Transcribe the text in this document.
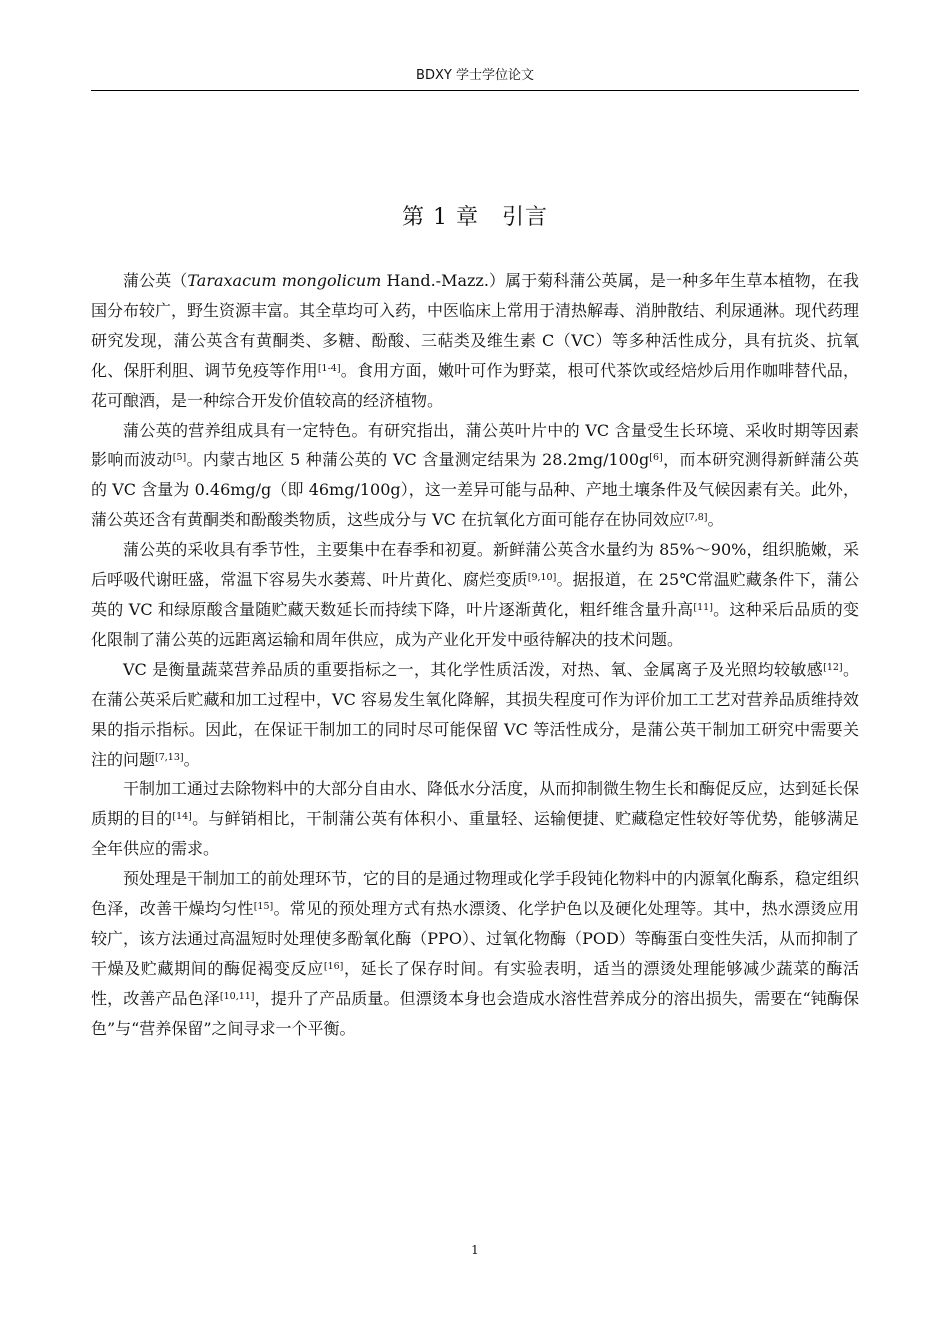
BDXY 学士学位论文
第 1 章　引言

蒲公英（Taraxacum mongolicum Hand.-Mazz.）属于菊科蒲公英属，是一种多年生草本植物，在我国分布较广，野生资源丰富。其全草均可入药，中医临床上常用于清热解毒、消肿散结、利尿通淋。现代药理研究发现，蒲公英含有黄酮类、多糖、酚酸、三萜类及维生素 C（VC）等多种活性成分，具有抗炎、抗氧化、保肝利胆、调节免疫等作用[1-4]。食用方面，嫩叶可作为野菜，根可代茶饮或经焙炒后用作咖啡替代品，花可酿酒，是一种综合开发价值较高的经济植物。

蒲公英的营养组成具有一定特色。有研究指出，蒲公英叶片中的 VC 含量受生长环境、采收时期等因素影响而波动[5]。内蒙古地区 5 种蒲公英的 VC 含量测定结果为 28.2mg/100g[6]，而本研究测得新鲜蒲公英的 VC 含量为 0.46mg/g（即 46mg/100g），这一差异可能与品种、产地土壤条件及气候因素有关。此外，蒲公英还含有黄酮类和酚酸类物质，这些成分与 VC 在抗氧化方面可能存在协同效应[7,8]。

蒲公英的采收具有季节性，主要集中在春季和初夏。新鲜蒲公英含水量约为 85%～90%，组织脆嫩，采后呼吸代谢旺盛，常温下容易失水萎蔫、叶片黄化、腐烂变质[9,10]。据报道，在 25℃常温贮藏条件下，蒲公英的 VC 和绿原酸含量随贮藏天数延长而持续下降，叶片逐渐黄化，粗纤维含量升高[11]。这种采后品质的变化限制了蒲公英的远距离运输和周年供应，成为产业化开发中亟待解决的技术问题。

VC 是衡量蔬菜营养品质的重要指标之一，其化学性质活泼，对热、氧、金属离子及光照均较敏感[12]。在蒲公英采后贮藏和加工过程中，VC 容易发生氧化降解，其损失程度可作为评价加工工艺对营养品质维持效果的指示指标。因此，在保证干制加工的同时尽可能保留 VC 等活性成分，是蒲公英干制加工研究中需要关注的问题[7,13]。

干制加工通过去除物料中的大部分自由水、降低水分活度，从而抑制微生物生长和酶促反应，达到延长保质期的目的[14]。与鲜销相比，干制蒲公英有体积小、重量轻、运输便捷、贮藏稳定性较好等优势，能够满足全年供应的需求。

预处理是干制加工的前处理环节，它的目的是通过物理或化学手段钝化物料中的内源氧化酶系，稳定组织色泽，改善干燥均匀性[15]。常见的预处理方式有热水漂烫、化学护色以及硬化处理等。其中，热水漂烫应用较广，该方法通过高温短时处理使多酚氧化酶（PPO）、过氧化物酶（POD）等酶蛋白变性失活，从而抑制了干燥及贮藏期间的酶促褐变反应[16]，延长了保存时间。有实验表明，适当的漂烫处理能够减少蔬菜的酶活性，改善产品色泽[10,11]，提升了产品质量。但漂烫本身也会造成水溶性营养成分的溶出损失，需要在“钝酶保色”与“营养保留”之间寻求一个平衡。

1
